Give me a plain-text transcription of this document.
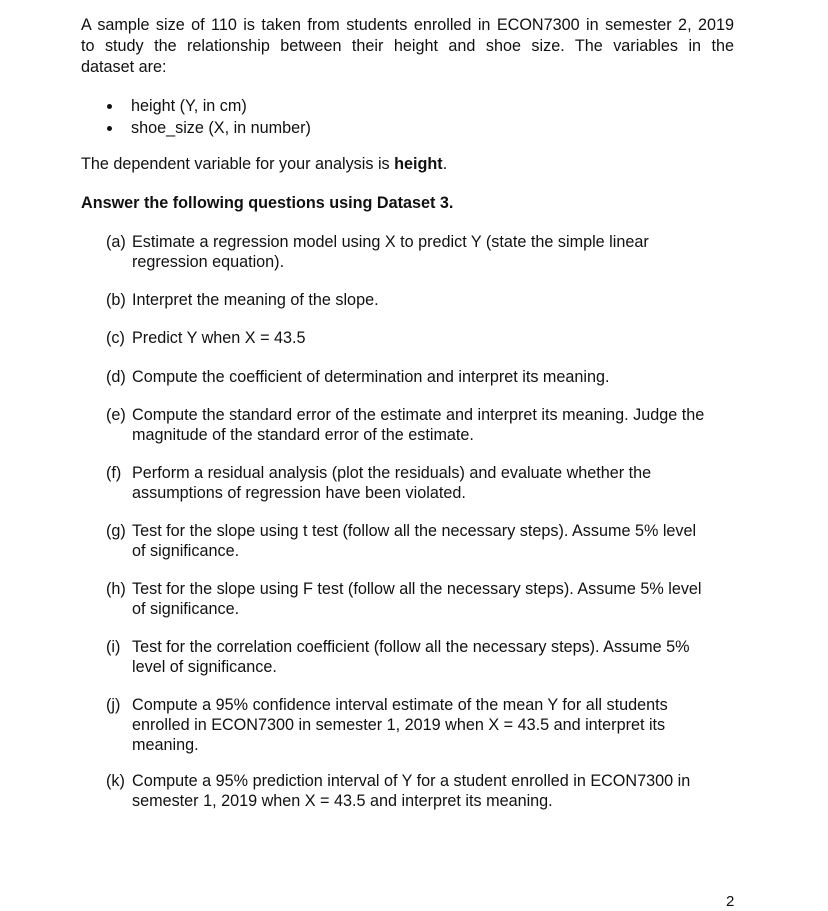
A sample size of 110 is taken from students enrolled in ECON7300 in semester 2, 2019
to study the relationship between their height and shoe size. The variables in the
dataset are:

height (Y, in cm)
shoe_size (X, in number)

The dependent variable for your analysis is height.

Answer the following questions using Dataset 3.

(a) Estimate a regression model using X to predict Y (state the simple linear
regression equation).
(b) Interpret the meaning of the slope.
(c) Predict Y when X = 43.5
(d) Compute the coefficient of determination and interpret its meaning.
(e) Compute the standard error of the estimate and interpret its meaning. Judge the
magnitude of the standard error of the estimate.
(f) Perform a residual analysis (plot the residuals) and evaluate whether the
assumptions of regression have been violated.
(g) Test for the slope using t test (follow all the necessary steps). Assume 5% level
of significance.
(h) Test for the slope using F test (follow all the necessary steps). Assume 5% level
of significance.
(i) Test for the correlation coefficient (follow all the necessary steps). Assume 5%
level of significance.
(j) Compute a 95% confidence interval estimate of the mean Y for all students
enrolled in ECON7300 in semester 1, 2019 when X = 43.5 and interpret its
meaning.
(k) Compute a 95% prediction interval of Y for a student enrolled in ECON7300 in
semester 1, 2019 when X = 43.5 and interpret its meaning.

2
